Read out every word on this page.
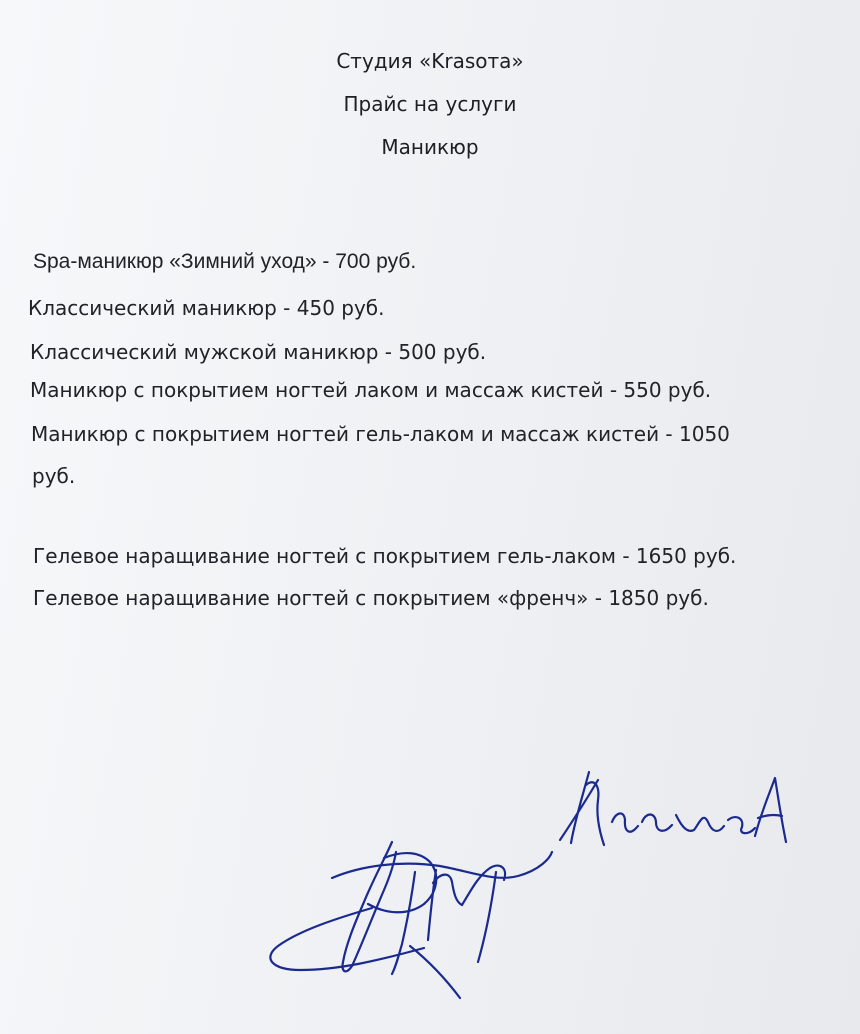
Студия «Krasота»
Прайс на услуги
Маникюр
Spa-маникюр «Зимний уход» - 700 руб.
Классический маникюр - 450 руб.
Классический мужской маникюр - 500 руб.
Маникюр с покрытием ногтей лаком и массаж кистей - 550 руб.
Маникюр с покрытием ногтей гель-лаком и массаж кистей - 1050
руб.
Гелевое наращивание ногтей с покрытием гель-лаком - 1650 руб.
Гелевое наращивание ногтей с покрытием «френч» - 1850 руб.
